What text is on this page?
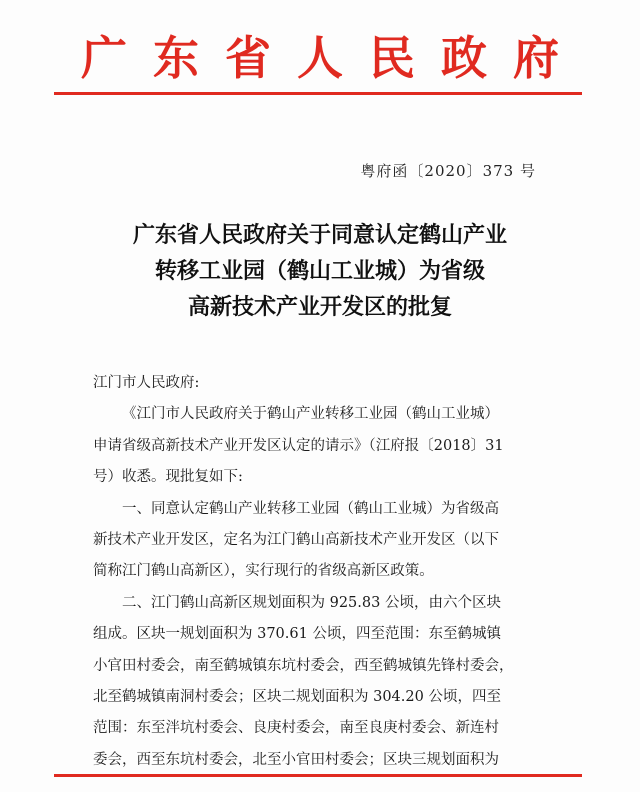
广东省人民政府
粤府函〔2020〕373 号
广东省人民政府关于同意认定鹤山产业
转移工业园（鹤山工业城）为省级
高新技术产业开发区的批复
江门市人民政府:
《江门市人民政府关于鹤山产业转移工业园（鹤山工业城）
申请省级高新技术产业开发区认定的请示》（江府报〔2018〕31
号）收悉。现批复如下:
一、同意认定鹤山产业转移工业园（鹤山工业城）为省级高
新技术产业开发区，定名为江门鹤山高新技术产业开发区（以下
简称江门鹤山高新区），实行现行的省级高新区政策。
二、江门鹤山高新区规划面积为 925.83 公顷，由六个区块
组成。区块一规划面积为 370.61 公顷，四至范围：东至鹤城镇
小官田村委会，南至鹤城镇东坑村委会，西至鹤城镇先锋村委会，
北至鹤城镇南洞村委会；区块二规划面积为 304.20 公顷，四至
范围：东至泮坑村委会、良庚村委会，南至良庚村委会、新连村
委会，西至东坑村委会，北至小官田村委会；区块三规划面积为
